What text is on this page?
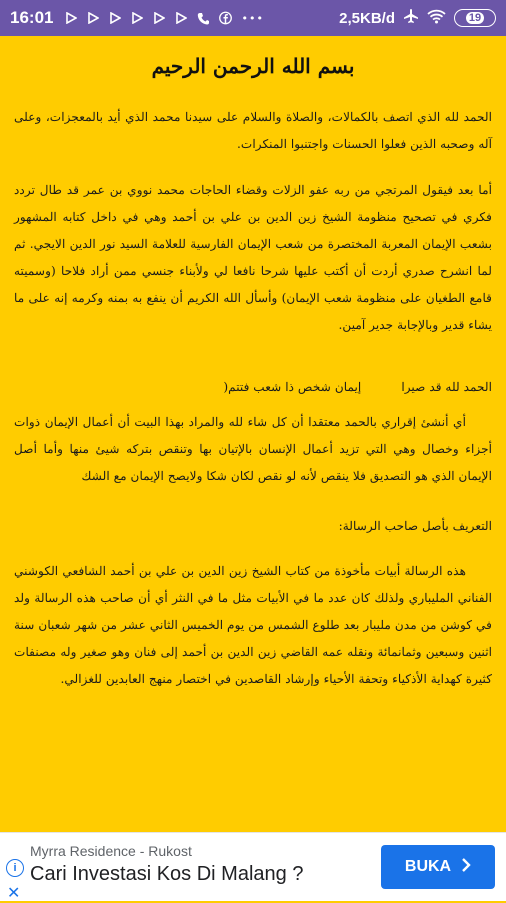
16:01	•••	2,5KB/d	19
بسم الله الرحمن الرحيم
الحمد لله الذي اتصف بالكمالات، والصلاة والسلام على سيدنا محمد الذي أيد بالمعجزات، وعلى آله وصحبه الذين فعلوا الحسنات واجتنبوا المنكرات.
أما بعد فيقول المرتجي من ربه عفو الزلات وقضاء الحاجات محمد نووي بن عمر قد طال تردد فكري في تصحيح منظومة الشيخ زين الدين بن علي بن أحمد وهي في داخل كتابه المشهور بشعب الإيمان المعربة المختصرة من شعب الإيمان الفارسية للعلامة السيد نور الدين الايجي. ثم لما انشرح صدري أردت أن أكتب عليها شرحا نافعا لي ولأبناء جنسي ممن أراد فلاحا (وسميته قامع الطغيان على منظومة شعب الإيمان) وأسأل الله الكريم أن ينفع به بمنه وكرمه إنه على ما يشاء قدير وبالإجابة جدير آمين.
الحمد لله قد صيرا
إيمان شخص ذا شعب فتتم(
أي أنشئ إقراري بالحمد معتقدا أن كل شاء لله والمراد بهذا البيت أن أعمال الإيمان ذوات أجزاء وخصال وهي التي تزيد أعمال الإنسان بالإتيان بها وتنقص بتركه شيئ منها وأما أصل الإيمان الذي هو التصديق فلا ينقص لأنه لو نقص لكان شكا ولايصح الإيمان مع الشك
التعريف بأصل صاحب الرسالة:
هذه الرسالة أبيات مأخوذة من كتاب الشيخ زين الدين بن علي بن أحمد الشافعي الكوشني الفناني المليباري ولذلك كان عدد ما في الأبيات مثل ما في النثر أي أن صاحب هذه الرسالة ولد في كوشن من مدن مليبار بعد طلوع الشمس من يوم الخميس الثاني عشر من شهر شعبان سنة اثنين وسبعين وثمانمائة ونقله عمه القاضي زين الدين بن أحمد إلى فنان وهو صغير وله مصنفات كثيرة كهداية الأذكياء وتحفة الأحياء وإرشاد القاصدين في اختصار منهج العابدين للغزالي.
i
✕
Myrra Residence - Rukost
Cari Investasi Kos Di Malang ?	BUKA
